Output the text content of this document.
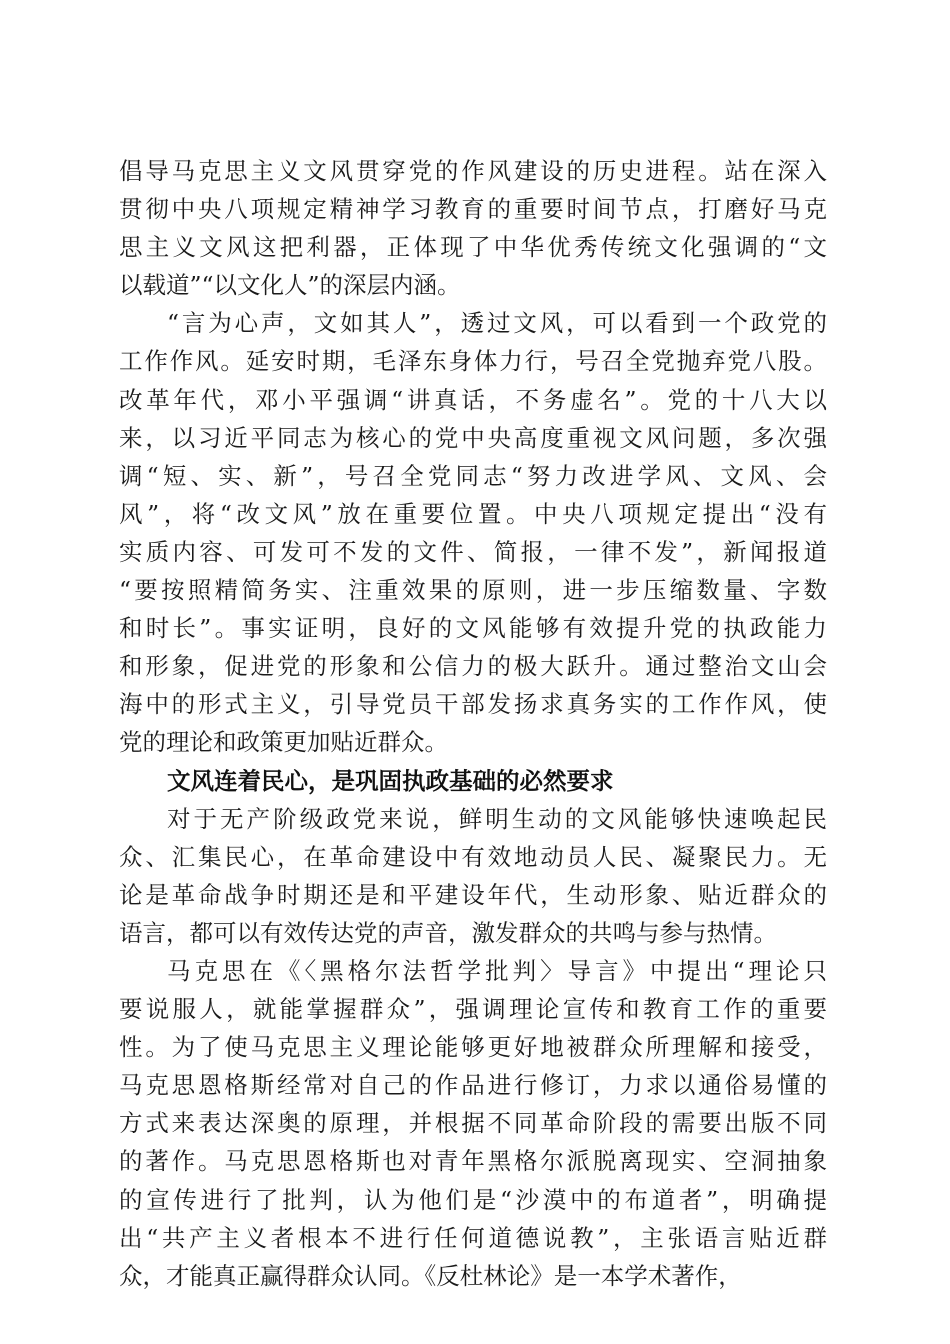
倡导马克思主义文风贯穿党的作风建设的历史进程。站在深入
贯彻中央八项规定精神学习教育的重要时间节点，打磨好马克
思主义文风这把利器，正体现了中华优秀传统文化强调的“文
以载道”“以文化人”的深层内涵。
“言为心声，文如其人”，透过文风，可以看到一个政党的
工作作风。延安时期，毛泽东身体力行，号召全党抛弃党八股。
改革年代，邓小平强调“讲真话，不务虚名”。党的十八大以
来，以习近平同志为核心的党中央高度重视文风问题，多次强
调“短、实、新”，号召全党同志“努力改进学风、文风、会
风”，将“改文风”放在重要位置。中央八项规定提出“没有
实质内容、可发可不发的文件、简报，一律不发”，新闻报道
“要按照精简务实、注重效果的原则，进一步压缩数量、字数
和时长”。事实证明，良好的文风能够有效提升党的执政能力
和形象，促进党的形象和公信力的极大跃升。通过整治文山会
海中的形式主义，引导党员干部发扬求真务实的工作作风，使
党的理论和政策更加贴近群众。
文风连着民心，是巩固执政基础的必然要求
对于无产阶级政党来说，鲜明生动的文风能够快速唤起民
众、汇集民心，在革命建设中有效地动员人民、凝聚民力。无
论是革命战争时期还是和平建设年代，生动形象、贴近群众的
语言，都可以有效传达党的声音，激发群众的共鸣与参与热情。
马克思在《〈黑格尔法哲学批判〉导言》中提出“理论只
要说服人，就能掌握群众”，强调理论宣传和教育工作的重要
性。为了使马克思主义理论能够更好地被群众所理解和接受，
马克思恩格斯经常对自己的作品进行修订，力求以通俗易懂的
方式来表达深奥的原理，并根据不同革命阶段的需要出版不同
的著作。马克思恩格斯也对青年黑格尔派脱离现实、空洞抽象
的宣传进行了批判，认为他们是“沙漠中的布道者”，明确提
出“共产主义者根本不进行任何道德说教”，主张语言贴近群
众，才能真正赢得群众认同。《反杜林论》是一本学术著作，
